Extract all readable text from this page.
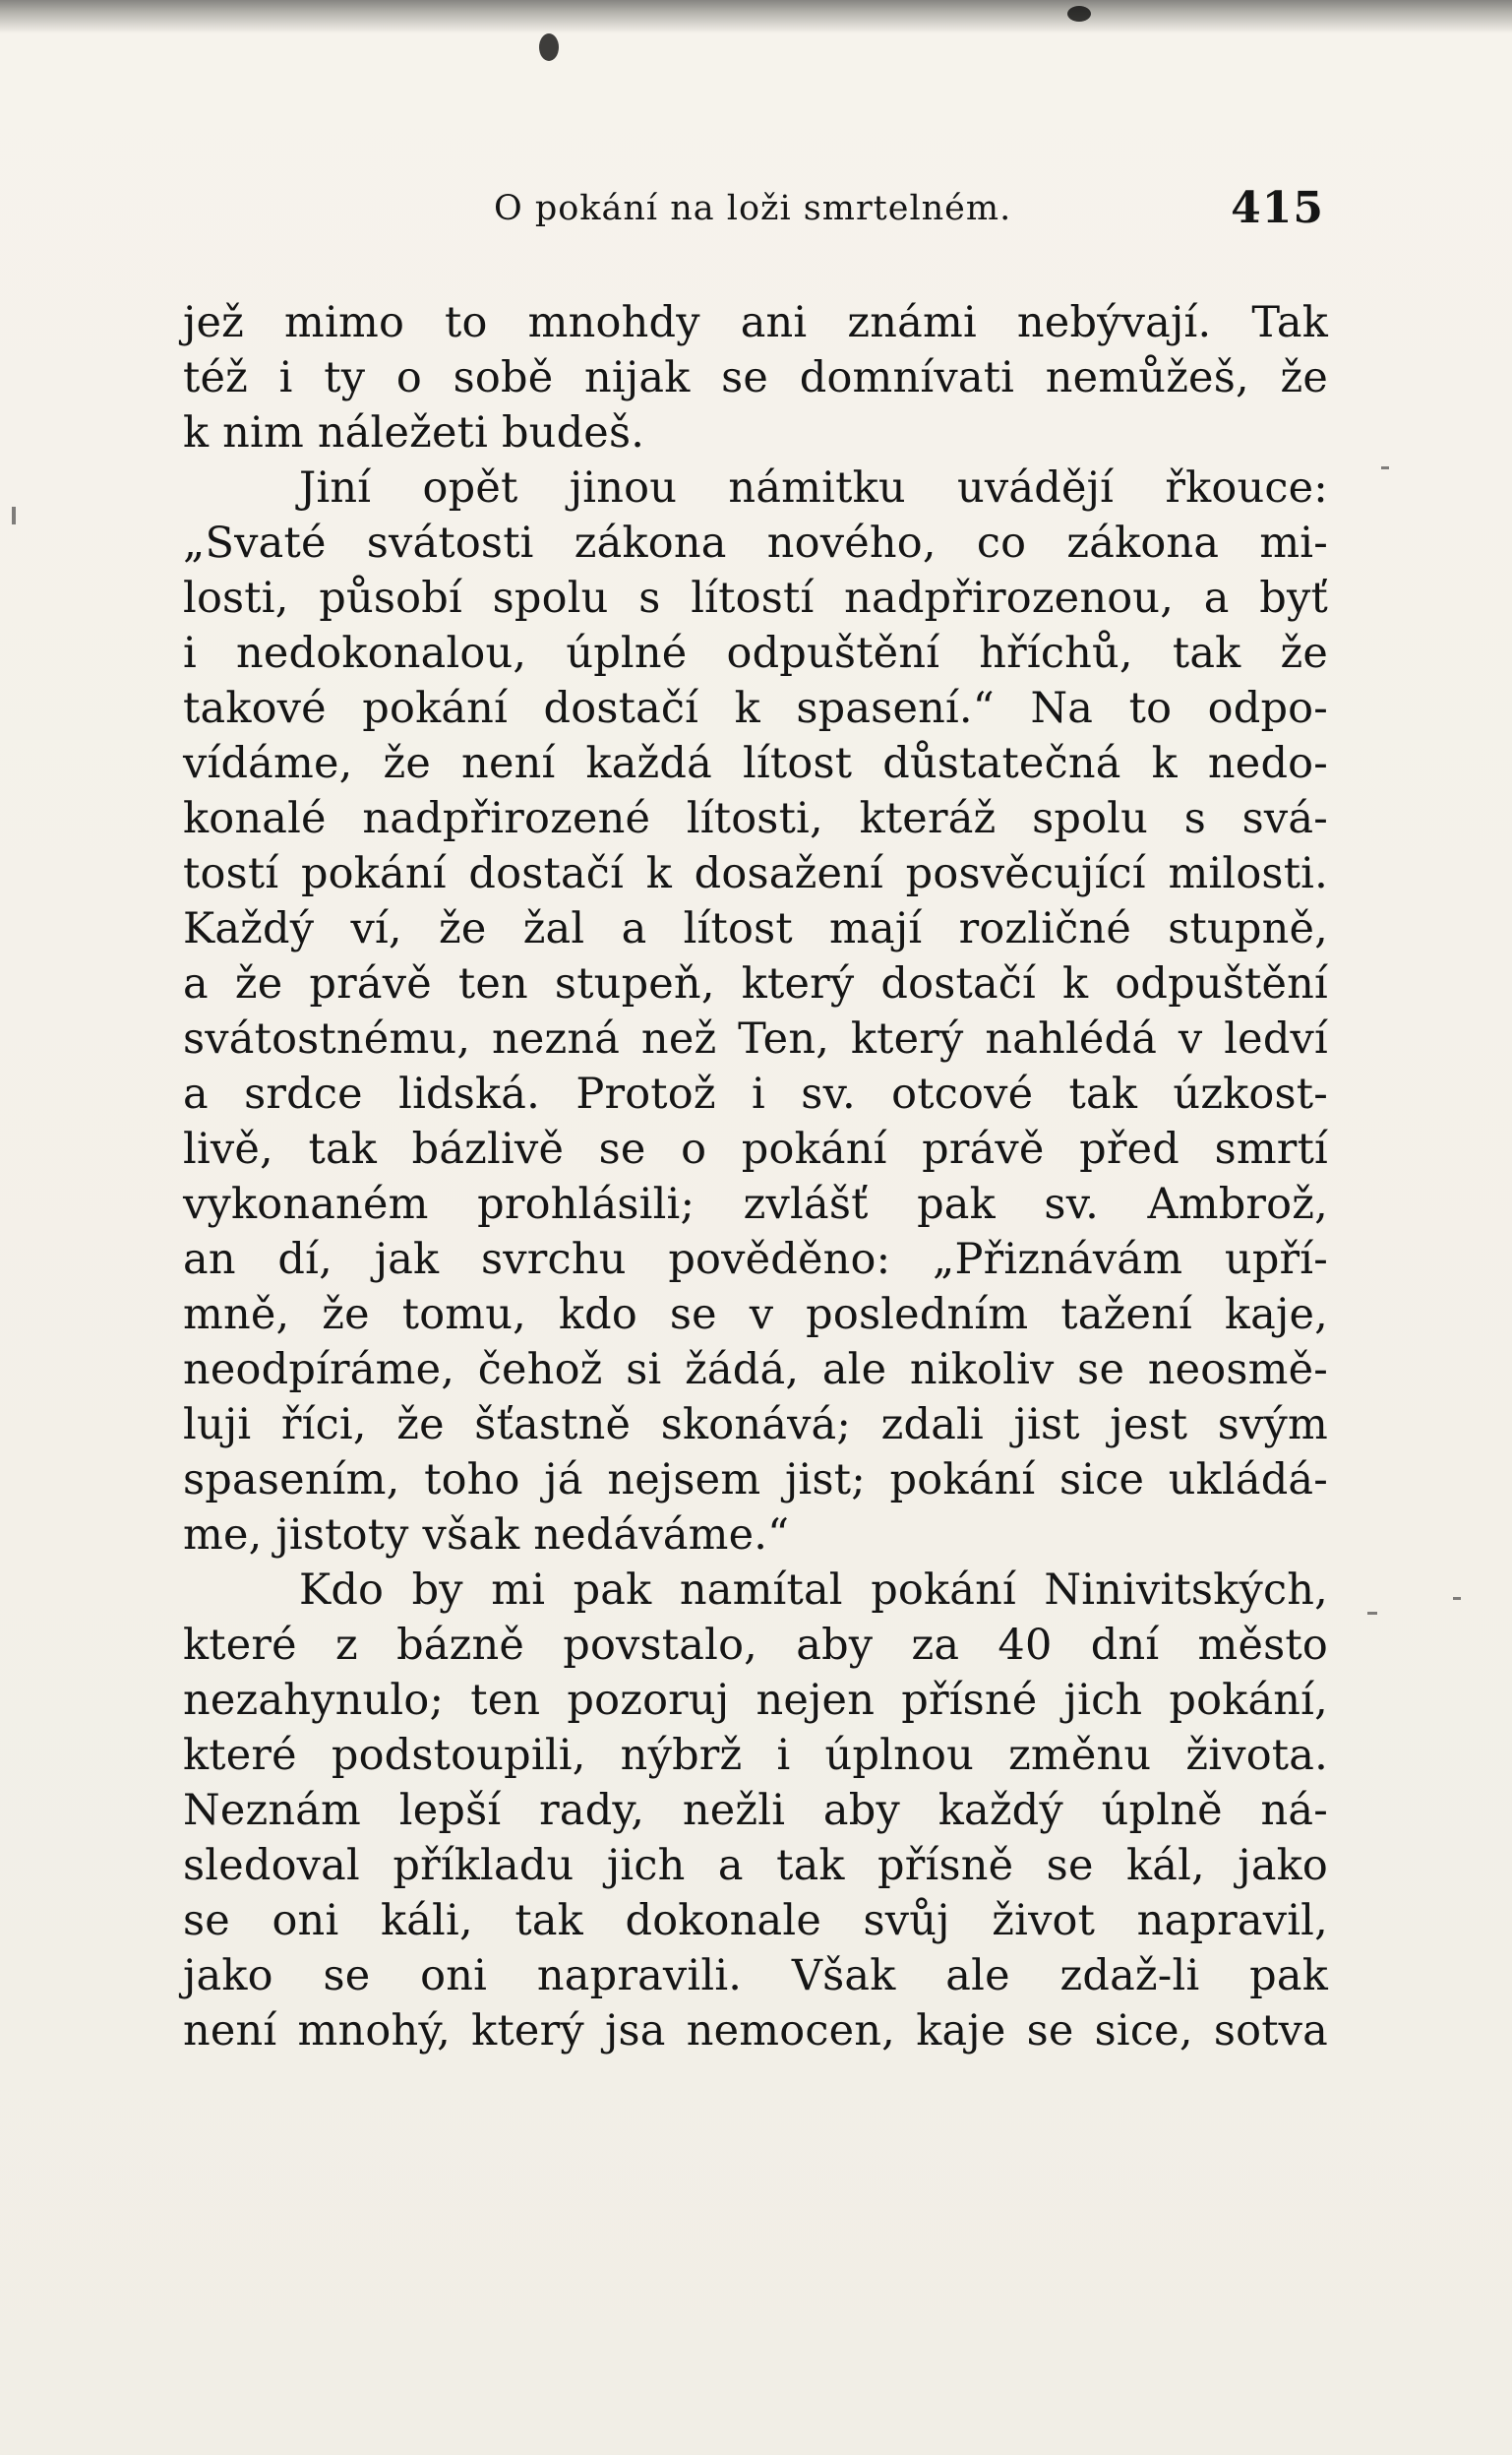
O pokání na loži smrtelném.	415
jež mimo to mnohdy ani známi nebývají. Tak
též i ty o sobě nijak se domnívati nemůžeš, že
k nim náležeti budeš.
Jiní opět jinou námitku uvádějí řkouce:
„Svaté svátosti zákona nového, co zákona mi-
losti, působí spolu s lítostí nadpřirozenou, a byť
i nedokonalou, úplné odpuštění hříchů, tak že
takové pokání dostačí k spasení.“ Na to odpo-
vídáme, že není každá lítost důstatečná k nedo-
konalé nadpřirozené lítosti, kteráž spolu s svá-
tostí pokání dostačí k dosažení posvěcující milosti.
Každý ví, že žal a lítost mají rozličné stupně,
a že právě ten stupeň, který dostačí k odpuštění
svátostnému, nezná než Ten, který nahlédá v ledví
a srdce lidská. Protož i sv. otcové tak úzkost-
livě, tak bázlivě se o pokání právě před smrtí
vykonaném prohlásili; zvlášť pak sv. Ambrož,
an dí, jak svrchu pověděno: „Přiznávám upří-
mně, že tomu, kdo se v posledním tažení kaje,
neodpíráme, čehož si žádá, ale nikoliv se neosmě-
luji říci, že šťastně skonává; zdali jist jest svým
spasením, toho já nejsem jist; pokání sice ukládá-
me, jistoty však nedáváme.“
Kdo by mi pak namítal pokání Ninivitských,
které z bázně povstalo, aby za 40 dní město
nezahynulo; ten pozoruj nejen přísné jich pokání,
které podstoupili, nýbrž i úplnou změnu života.
Neznám lepší rady, nežli aby každý úplně ná-
sledoval příkladu jich a tak přísně se kál, jako
se oni káli, tak dokonale svůj život napravil,
jako se oni napravili. Však ale zdaž-li pak
není mnohý, který jsa nemocen, kaje se sice, sotva
